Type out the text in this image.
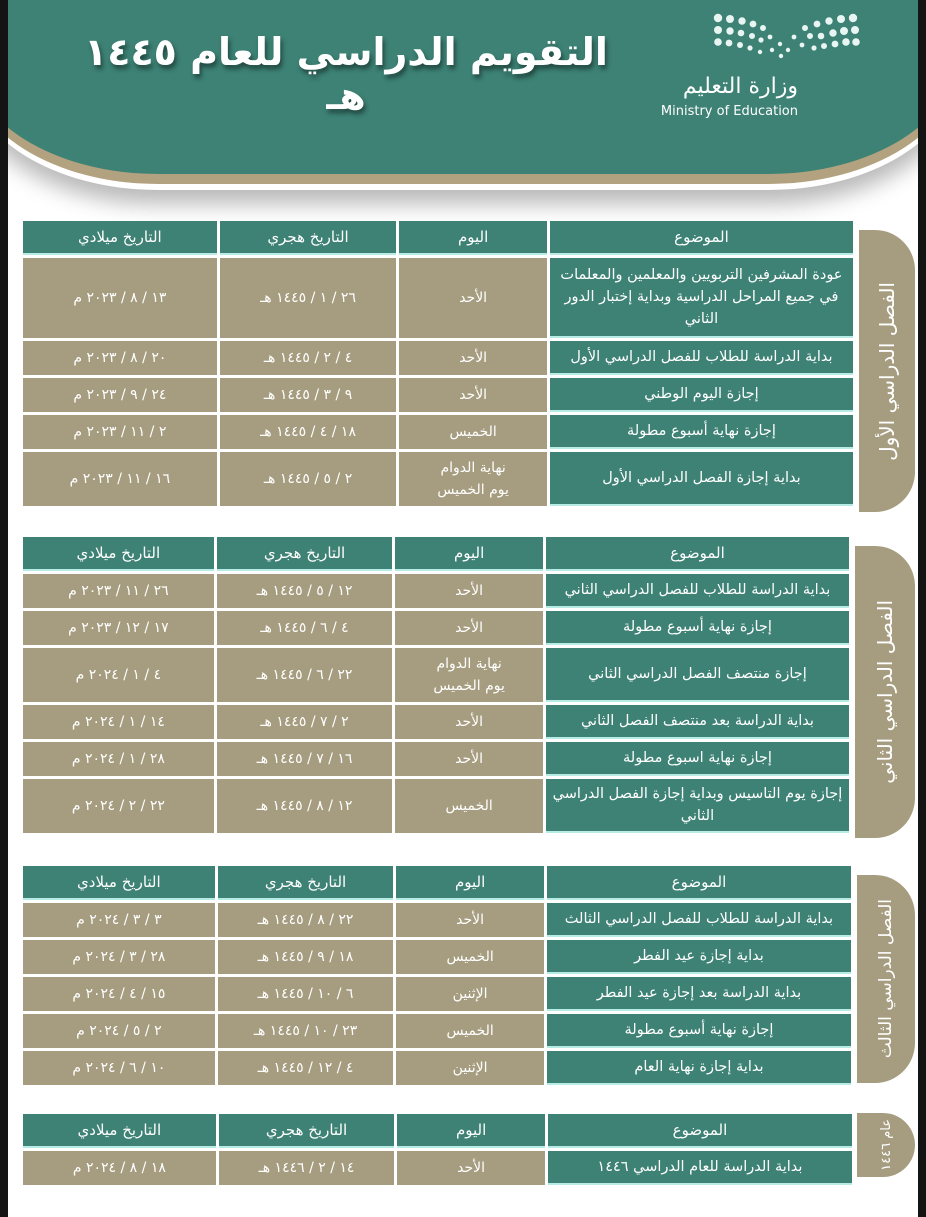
التقويم الدراسي للعام ١٤٤٥ هـ	وزارة التعليم
Ministry of Education
الفصل الدراسي الأول
الموضوع	اليوم	التاريخ هجري	التاريخ ميلادي
عودة المشرفين التربويين والمعلمين والمعلمات في جميع المراحل الدراسية وبداية إختبار الدور الثاني	الأحد	٢٦ / ١ / ١٤٤٥ هـ	١٣ / ٨ / ٢٠٢٣ م
بداية الدراسة للطلاب للفصل الدراسي الأول	الأحد	٤ / ٢ / ١٤٤٥ هـ	٢٠ / ٨ / ٢٠٢٣ م
إجازة اليوم الوطني	الأحد	٩ / ٣ / ١٤٤٥ هـ	٢٤ / ٩ / ٢٠٢٣ م
إجازة نهاية أسبوع مطولة	الخميس	١٨ / ٤ / ١٤٤٥ هـ	٢ / ١١ / ٢٠٢٣ م
بداية إجازة الفصل الدراسي الأول	نهاية الدوام يوم الخميس	٢ / ٥ / ١٤٤٥ هـ	١٦ / ١١ / ٢٠٢٣ م
الفصل الدراسي الثاني
الموضوع	اليوم	التاريخ هجري	التاريخ ميلادي
بداية الدراسة للطلاب للفصل الدراسي الثاني	الأحد	١٢ / ٥ / ١٤٤٥ هـ	٢٦ / ١١ / ٢٠٢٣ م
إجازة نهاية أسبوع مطولة	الأحد	٤ / ٦ / ١٤٤٥ هـ	١٧ / ١٢ / ٢٠٢٣ م
إجازة منتصف الفصل الدراسي الثاني	نهاية الدوام يوم الخميس	٢٢ / ٦ / ١٤٤٥ هـ	٤ / ١ / ٢٠٢٤ م
بداية الدراسة بعد منتصف الفصل الثاني	الأحد	٢ / ٧ / ١٤٤٥ هـ	١٤ / ١ / ٢٠٢٤ م
إجازة نهاية اسبوع مطولة	الأحد	١٦ / ٧ / ١٤٤٥ هـ	٢٨ / ١ / ٢٠٢٤ م
إجازة يوم التاسيس وبداية إجازة الفصل الدراسي الثاني	الخميس	١٢ / ٨ / ١٤٤٥ هـ	٢٢ / ٢ / ٢٠٢٤ م
الفصل الدراسي الثالث
الموضوع	اليوم	التاريخ هجري	التاريخ ميلادي
بداية الدراسة للطلاب للفصل الدراسي الثالث	الأحد	٢٢ / ٨ / ١٤٤٥ هـ	٣ / ٣ / ٢٠٢٤ م
بداية إجازة عيد الفطر	الخميس	١٨ / ٩ / ١٤٤٥ هـ	٢٨ / ٣ / ٢٠٢٤ م
بداية الدراسة بعد إجازة عيد الفطر	الإثنين	٦ / ١٠ / ١٤٤٥ هـ	١٥ / ٤ / ٢٠٢٤ م
إجازة نهاية أسبوع مطولة	الخميس	٢٣ / ١٠ / ١٤٤٥ هـ	٢ / ٥ / ٢٠٢٤ م
بداية إجازة نهاية العام	الإثنين	٤ / ١٢ / ١٤٤٥ هـ	١٠ / ٦ / ٢٠٢٤ م
عام ١٤٤٦
الموضوع	اليوم	التاريخ هجري	التاريخ ميلادي
بداية الدراسة للعام الدراسي ١٤٤٦	الأحد	١٤ / ٢ / ١٤٤٦ هـ	١٨ / ٨ / ٢٠٢٤ م
